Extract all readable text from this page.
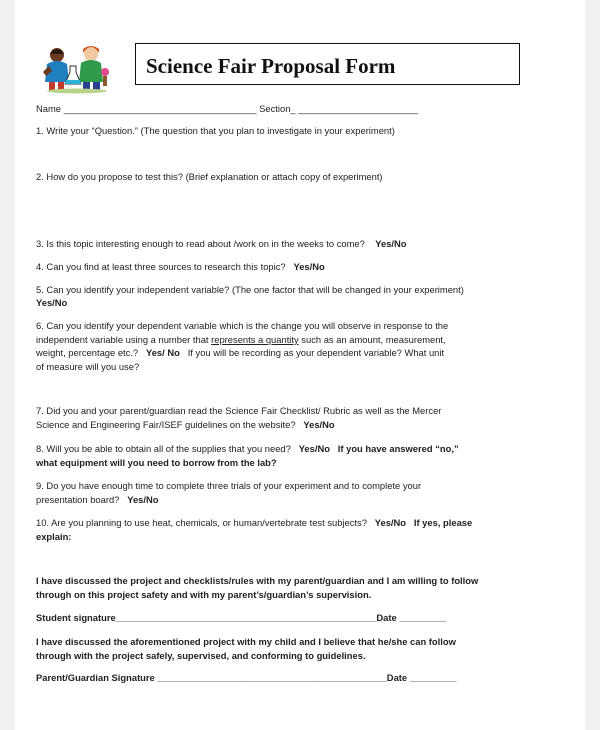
Science Fair Proposal Form
Name _____________________________________ Section_ _______________________
1. Write your “Question.” (The question that you plan to investigate in your experiment)
2. How do you propose to test this? (Brief explanation or attach copy of experiment)
3. Is this topic interesting enough to read about /work on in the weeks to come? Yes/No
4. Can you find at least three sources to research this topic? Yes/No
5. Can you identify your independent variable? (The one factor that will be changed in your experiment)
Yes/No
6. Can you identify your dependent variable which is the change you will observe in response to the
independent variable using a number that represents a quantity such as an amount, measurement,
weight, percentage etc.? Yes/ No If you will be recording as your dependent variable? What unit
of measure will you use?
7. Did you and your parent/guardian read the Science Fair Checklist/ Rubric as well as the Mercer
Science and Engineering Fair/ISEF guidelines on the website? Yes/No
8. Will you be able to obtain all of the supplies that you need? Yes/No If you have answered “no,”
what equipment will you need to borrow from the lab?
9. Do you have enough time to complete three trials of your experiment and to complete your
presentation board? Yes/No
10. Are you planning to use heat, chemicals, or human/vertebrate test subjects? Yes/No If yes, please
explain:
I have discussed the project and checklists/rules with my parent/guardian and I am willing to follow
through on this project safety and with my parent’s/guardian’s supervision.
Student signature__________________________________________________Date _________
I have discussed the aforementioned project with my child and I believe that he/she can follow
through with the project safely, supervised, and conforming to guidelines.
Parent/Guardian Signature ____________________________________________Date _________
